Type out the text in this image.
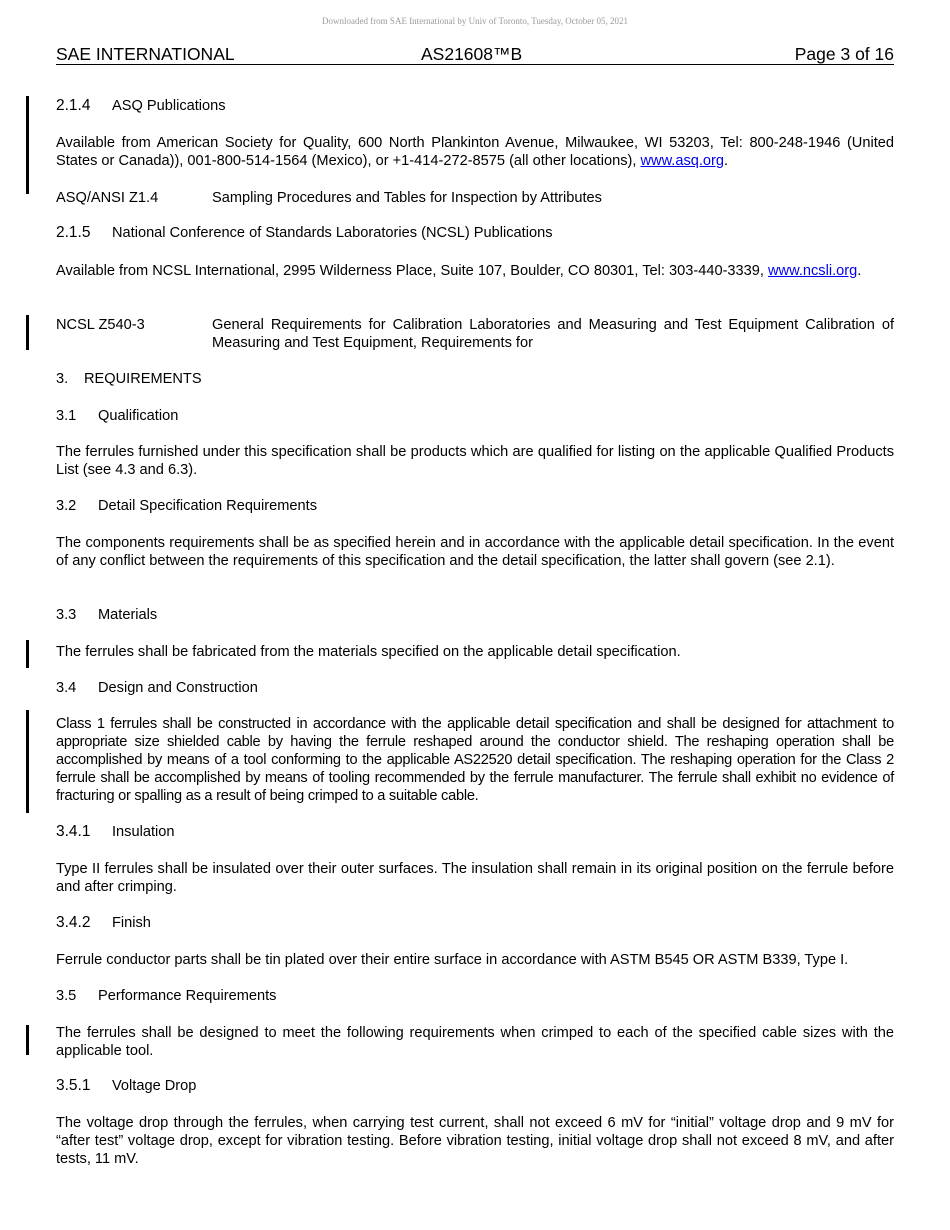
Downloaded from SAE International by Univ of Toronto, Tuesday, October 05, 2021
SAE INTERNATIONAL	AS21608™B	Page 3 of 16
2.1.4 ASQ Publications
Available from American Society for Quality, 600 North Plankinton Avenue, Milwaukee, WI 53203, Tel: 800-248-1946 (United States or Canada)), 001-800-514-1564 (Mexico), or +1-414-272-8575 (all other locations), www.asq.org.
ASQ/ANSI Z1.4	Sampling Procedures and Tables for Inspection by Attributes
2.1.5 National Conference of Standards Laboratories (NCSL) Publications
Available from NCSL International, 2995 Wilderness Place, Suite 107, Boulder, CO 80301, Tel: 303-440-3339, www.ncsli.org.
NCSL Z540-3	General Requirements for Calibration Laboratories and Measuring and Test Equipment Calibration of Measuring and Test Equipment, Requirements for
3. REQUIREMENTS
3.1 Qualification
The ferrules furnished under this specification shall be products which are qualified for listing on the applicable Qualified Products List (see 4.3 and 6.3).
3.2 Detail Specification Requirements
The components requirements shall be as specified herein and in accordance with the applicable detail specification. In the event of any conflict between the requirements of this specification and the detail specification, the latter shall govern (see 2.1).
3.3 Materials
The ferrules shall be fabricated from the materials specified on the applicable detail specification.
3.4 Design and Construction
Class 1 ferrules shall be constructed in accordance with the applicable detail specification and shall be designed for attachment to appropriate size shielded cable by having the ferrule reshaped around the conductor shield. The reshaping operation shall be accomplished by means of a tool conforming to the applicable AS22520 detail specification. The reshaping operation for the Class 2 ferrule shall be accomplished by means of tooling recommended by the ferrule manufacturer. The ferrule shall exhibit no evidence of fracturing or spalling as a result of being crimped to a suitable cable.
3.4.1 Insulation
Type II ferrules shall be insulated over their outer surfaces. The insulation shall remain in its original position on the ferrule before and after crimping.
3.4.2 Finish
Ferrule conductor parts shall be tin plated over their entire surface in accordance with ASTM B545 OR ASTM B339, Type I.
3.5 Performance Requirements
The ferrules shall be designed to meet the following requirements when crimped to each of the specified cable sizes with the applicable tool.
3.5.1 Voltage Drop
The voltage drop through the ferrules, when carrying test current, shall not exceed 6 mV for “initial” voltage drop and 9 mV for “after test” voltage drop, except for vibration testing. Before vibration testing, initial voltage drop shall not exceed 8 mV, and after tests, 11 mV.
